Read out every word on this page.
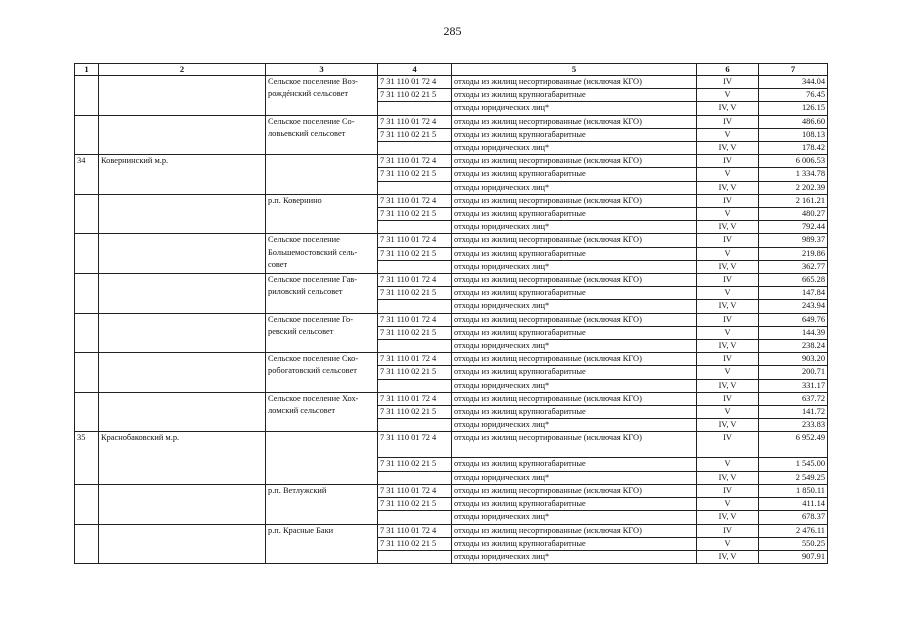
285
1	2	3	4	5	6	7
		Сельское поселение Воз-рождéнский сельсовет	7 31 110 01 72 4	отходы из жилищ несортированные (исключая КГО)	IV	344.04
			7 31 110 02 21 5	отходы из жилищ крупногабаритные	V	76.45
				отходы юридических лиц*	IV, V	126.15
		Сельское поселение Со-ловьевский сельсовет	7 31 110 01 72 4	отходы из жилищ несортированные (исключая КГО)	IV	486.60
			7 31 110 02 21 5	отходы из жилищ крупногабаритные	V	108.13
				отходы юридических лиц*	IV, V	178.42
34	Ковернинский м.р.		7 31 110 01 72 4	отходы из жилищ несортированные (исключая КГО)	IV	6 006.53
			7 31 110 02 21 5	отходы из жилищ крупногабаритные	V	1 334.78
				отходы юридических лиц*	IV, V	2 202.39
		р.п. Ковернино	7 31 110 01 72 4	отходы из жилищ несортированные (исключая КГО)	IV	2 161.21
			7 31 110 02 21 5	отходы из жилищ крупногабаритные	V	480.27
				отходы юридических лиц*	IV, V	792.44
		Сельское поселение Большемостовский сель-совет	7 31 110 01 72 4	отходы из жилищ несортированные (исключая КГО)	IV	989.37
			7 31 110 02 21 5	отходы из жилищ крупногабаритные	V	219.86
				отходы юридических лиц*	IV, V	362.77
		Сельское поселение Гав-риловский сельсовет	7 31 110 01 72 4	отходы из жилищ несортированные (исключая КГО)	IV	665.28
			7 31 110 02 21 5	отходы из жилищ крупногабаритные	V	147.84
				отходы юридических лиц*	IV, V	243.94
		Сельское поселение Го-ревский сельсовет	7 31 110 01 72 4	отходы из жилищ несортированные (исключая КГО)	IV	649.76
			7 31 110 02 21 5	отходы из жилищ крупногабаритные	V	144.39
				отходы юридических лиц*	IV, V	238.24
		Сельское поселение Ско-робогатовский сельсовет	7 31 110 01 72 4	отходы из жилищ несортированные (исключая КГО)	IV	903.20
			7 31 110 02 21 5	отходы из жилищ крупногабаритные	V	200.71
				отходы юридических лиц*	IV, V	331.17
		Сельское поселение Хох-ломский сельсовет	7 31 110 01 72 4	отходы из жилищ несортированные (исключая КГО)	IV	637.72
			7 31 110 02 21 5	отходы из жилищ крупногабаритные	V	141.72
				отходы юридических лиц*	IV, V	233.83
35	Краснобаковский м.р.		7 31 110 01 72 4	отходы из жилищ несортированные (исключая КГО)	IV	6 952.49
			7 31 110 02 21 5	отходы из жилищ крупногабаритные	V	1 545.00
				отходы юридических лиц*	IV, V	2 549.25
		р.п. Ветлужский	7 31 110 01 72 4	отходы из жилищ несортированные (исключая КГО)	IV	1 850.11
			7 31 110 02 21 5	отходы из жилищ крупногабаритные	V	411.14
				отходы юридических лиц*	IV, V	678.37
		р.п. Красные Баки	7 31 110 01 72 4	отходы из жилищ несортированные (исключая КГО)	IV	2 476.11
			7 31 110 02 21 5	отходы из жилищ крупногабаритные	V	550.25
				отходы юридических лиц*	IV, V	907.91
